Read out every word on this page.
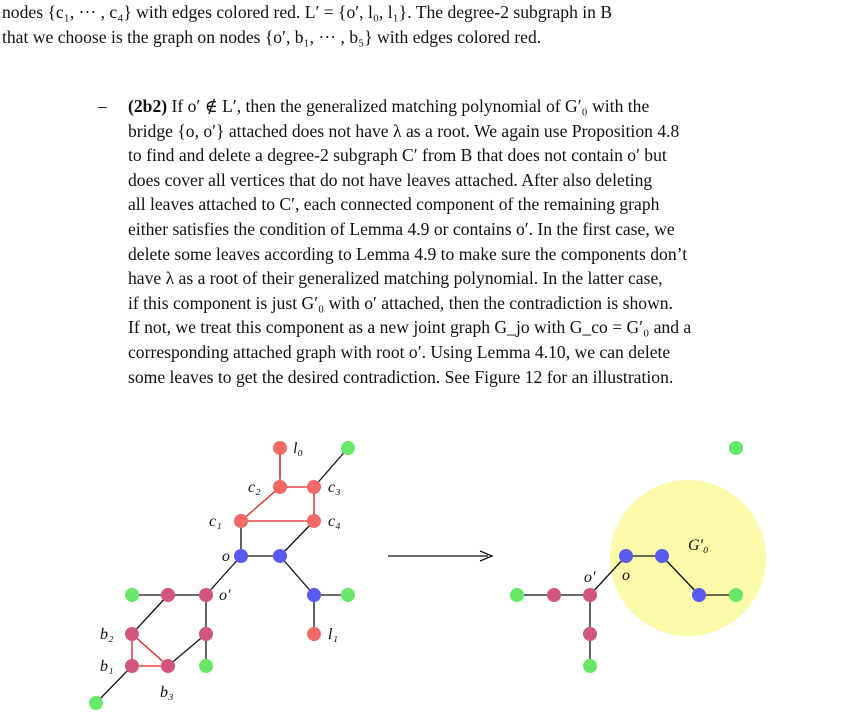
nodes {c₁, ··· , c₄} with edges colored red. L′ = {o′, l₀, l₁}. The degree-2 subgraph in B
that we choose is the graph on nodes {o′, b₁, ··· , b₅} with edges colored red.
– (2b2) If o′ ∉ L′, then the generalized matching polynomial of G′₀ with the
bridge {o, o′} attached does not have λ as a root. We again use Proposition 4.8
to find and delete a degree-2 subgraph C′ from B that does not contain o′ but
does cover all vertices that do not have leaves attached. After also deleting
all leaves attached to C′, each connected component of the remaining graph
either satisfies the condition of Lemma 4.9 or contains o′. In the first case, we
delete some leaves according to Lemma 4.9 to make sure the components don’t
have λ as a root of their generalized matching polynomial. In the latter case,
if this component is just G′₀ with o′ attached, then the contradiction is shown.
If not, we treat this component as a new joint graph G_jo with G_co = G′₀ and a
corresponding attached graph with root o′. Using Lemma 4.10, we can delete
some leaves to get the desired contradiction. See Figure 12 for an illustration.
l₀
c₂	c₃
c₁	c₄
o
o′
l₁
b₂
b₁
b₃
o′ o
G′₀
